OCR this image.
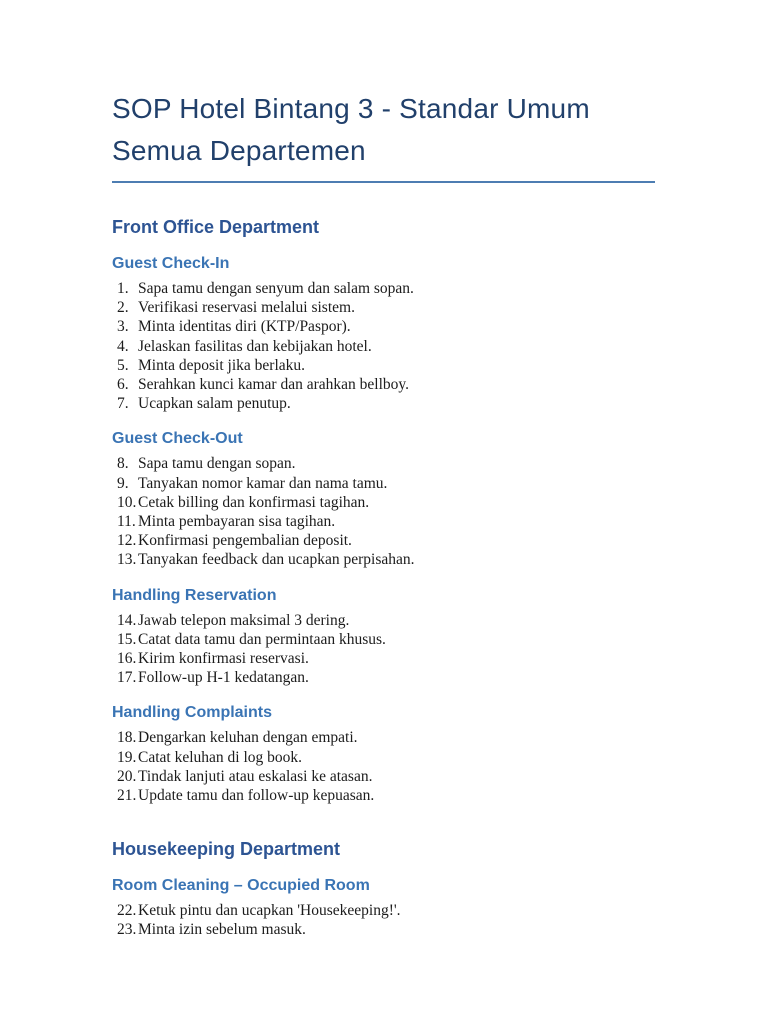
SOP Hotel Bintang 3 - Standar Umum
Semua Departemen
Front Office Department
Guest Check-In
1. Sapa tamu dengan senyum dan salam sopan.
2. Verifikasi reservasi melalui sistem.
3. Minta identitas diri (KTP/Paspor).
4. Jelaskan fasilitas dan kebijakan hotel.
5. Minta deposit jika berlaku.
6. Serahkan kunci kamar dan arahkan bellboy.
7. Ucapkan salam penutup.
Guest Check-Out
8. Sapa tamu dengan sopan.
9. Tanyakan nomor kamar dan nama tamu.
10. Cetak billing dan konfirmasi tagihan.
11. Minta pembayaran sisa tagihan.
12. Konfirmasi pengembalian deposit.
13. Tanyakan feedback dan ucapkan perpisahan.
Handling Reservation
14. Jawab telepon maksimal 3 dering.
15. Catat data tamu dan permintaan khusus.
16. Kirim konfirmasi reservasi.
17. Follow-up H-1 kedatangan.
Handling Complaints
18. Dengarkan keluhan dengan empati.
19. Catat keluhan di log book.
20. Tindak lanjuti atau eskalasi ke atasan.
21. Update tamu dan follow-up kepuasan.
Housekeeping Department
Room Cleaning – Occupied Room
22. Ketuk pintu dan ucapkan 'Housekeeping!'.
23. Minta izin sebelum masuk.
